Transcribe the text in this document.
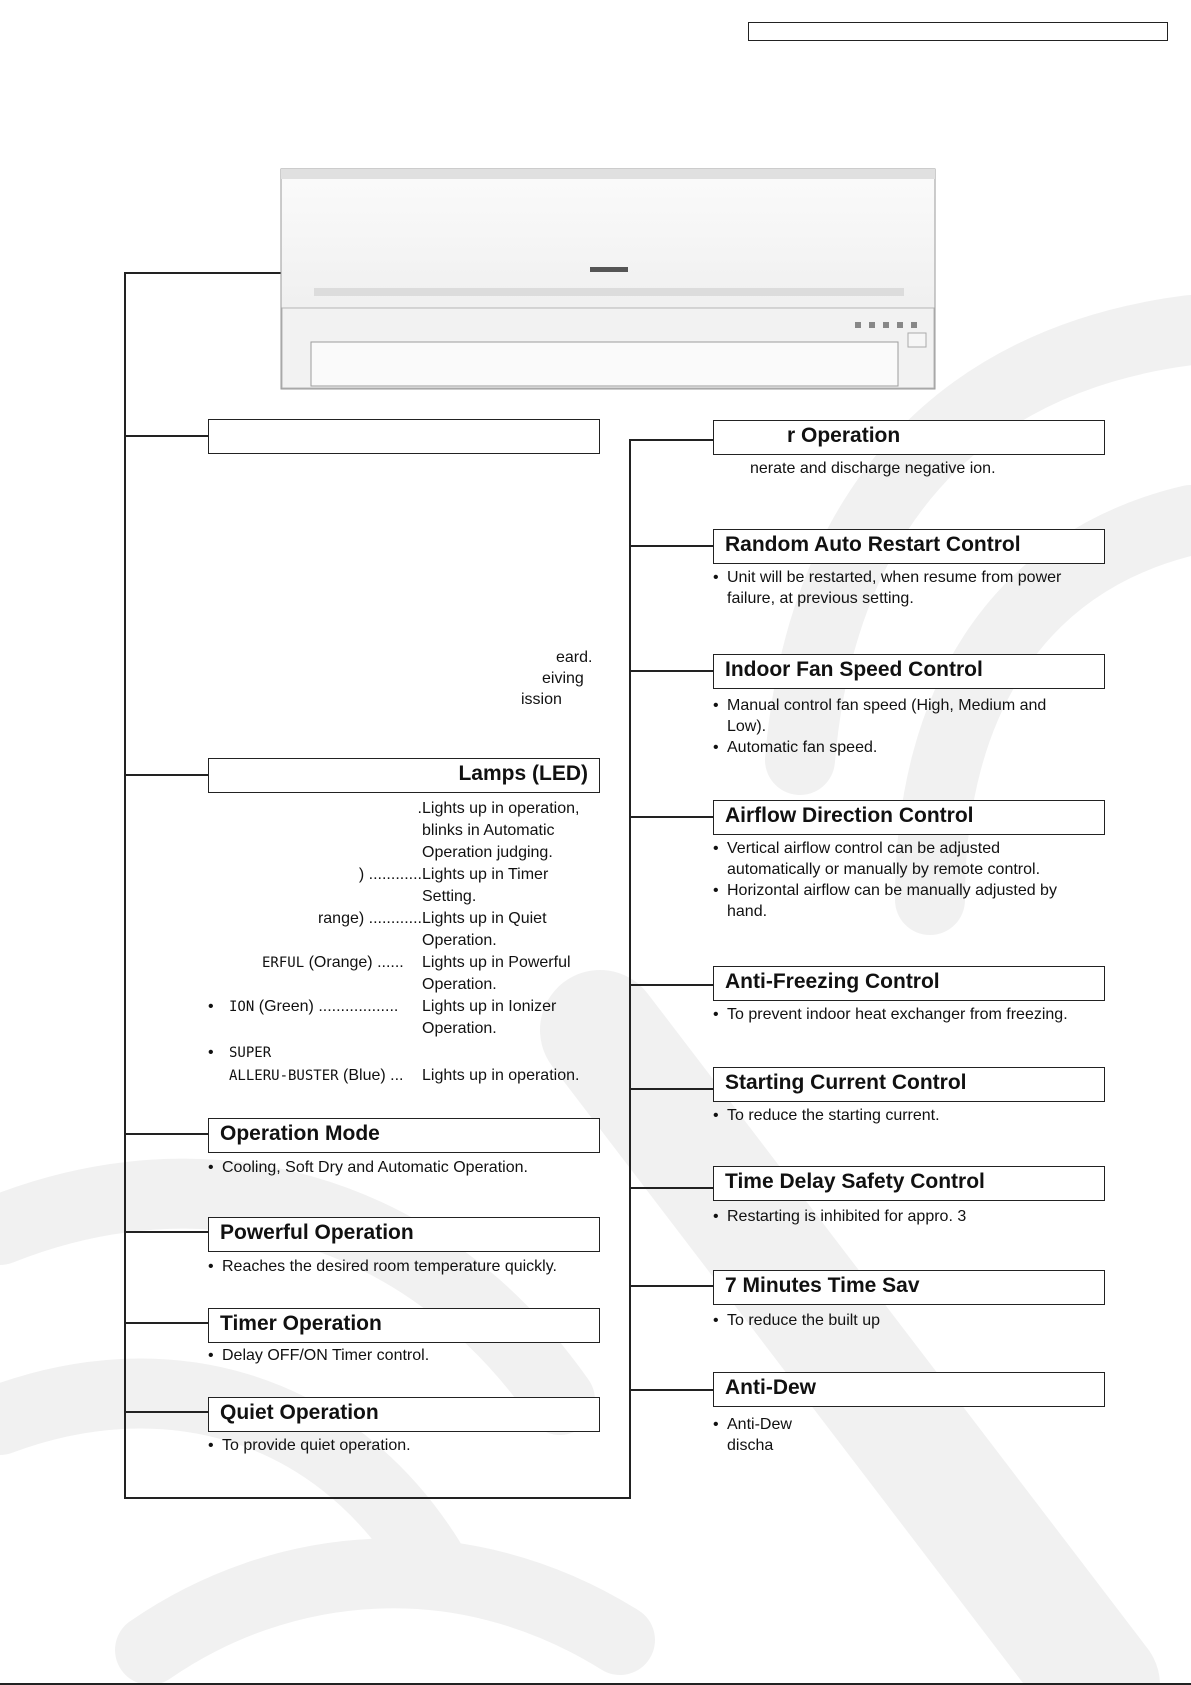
eard.
eiving
ission
Lamps (LED)
. Lights up in operation,
blinks in Automatic
Operation judging.
) ............ Lights up in Timer
Setting.
range) ............ Lights up in Quiet
Operation.
ERFUL (Orange) ...... Lights up in Powerful
Operation.
• ION (Green) .................. Lights up in Ionizer
Operation.
• SUPER
ALLERU-BUSTER (Blue) ... Lights up in operation.
Operation Mode
• Cooling, Soft Dry and Automatic Operation.
Powerful Operation
• Reaches the desired room temperature quickly.
Timer Operation
• Delay OFF/ON Timer control.
Quiet Operation
• To provide quiet operation.
r Operation
nerate and discharge negative ion.
Random Auto Restart Control
• Unit will be restarted, when resume from power
failure, at previous setting.
Indoor Fan Speed Control
• Manual control fan speed (High, Medium and
Low).
• Automatic fan speed.
Airflow Direction Control
• Vertical airflow control can be adjusted
automatically or manually by remote control.
• Horizontal airflow can be manually adjusted by
hand.
Anti-Freezing Control
• To prevent indoor heat exchanger from freezing.
Starting Current Control
• To reduce the starting current.
Time Delay Safety Control
• Restarting is inhibited for appro. 3
7 Minutes Time Sav
• To reduce the built up
Anti-Dew
• Anti-Dew
discha
